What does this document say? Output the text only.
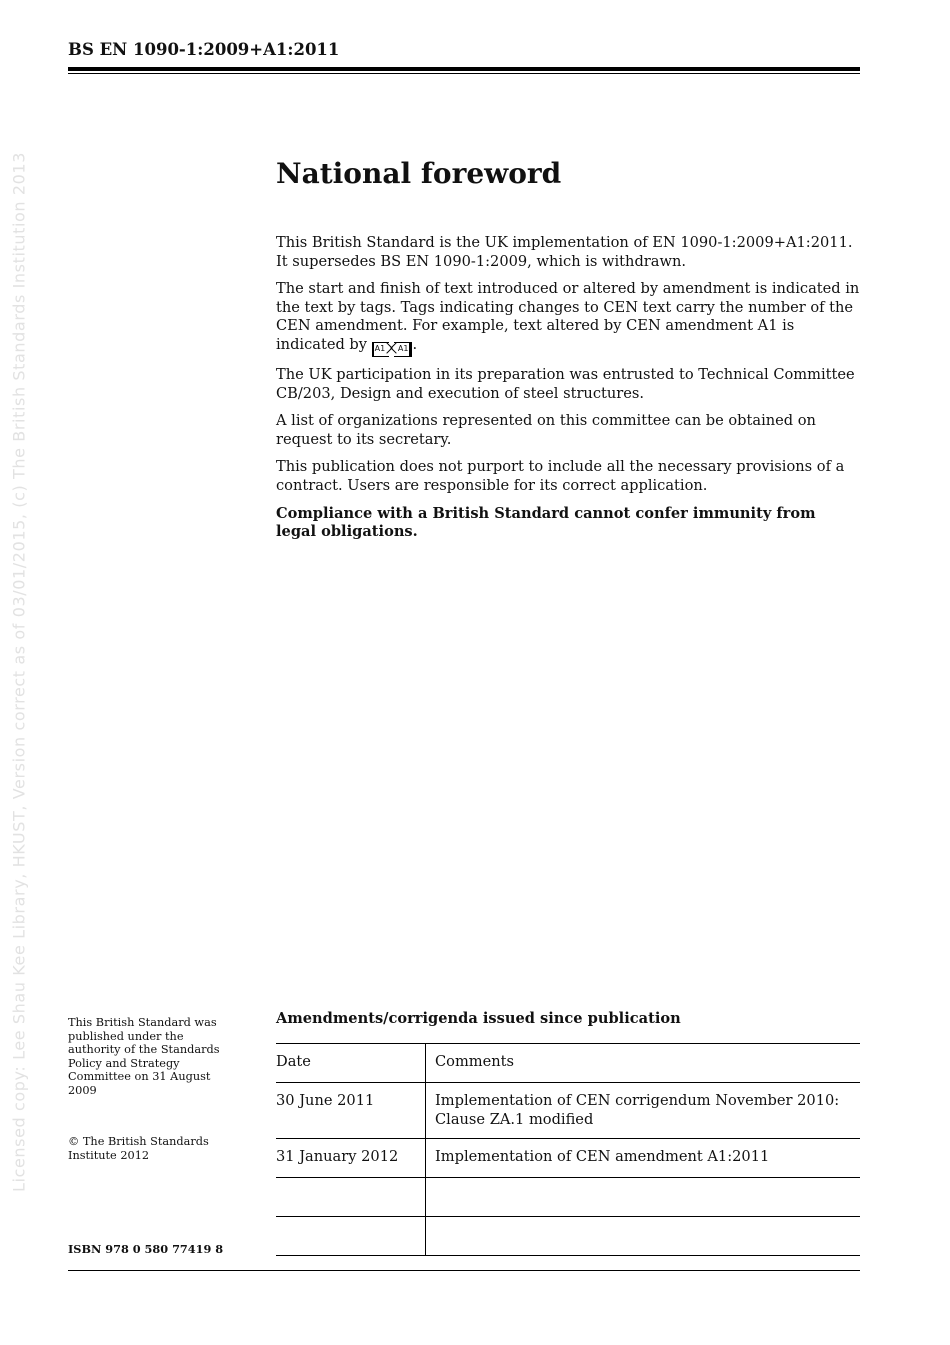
BS EN 1090-1:2009+A1:2011
Licensed copy: Lee Shau Kee Library, HKUST, Version correct as of 03/01/2015, (c) The British Standards Institution 2013	National foreword

This British Standard is the UK implementation of EN 1090-1:2009+A1:2011. It supersedes BS EN 1090-1:2009, which is withdrawn.

The start and finish of text introduced or altered by amendment is indicated in the text by tags. Tags indicating changes to CEN text carry the number of the CEN amendment. For example, text altered by CEN amendment A1 is indicated by A1 A1 .

The UK participation in its preparation was entrusted to Technical Committee CB/203, Design and execution of steel structures.

A list of organizations represented on this committee can be obtained on request to its secretary.

This publication does not purport to include all the necessary provisions of a contract. Users are responsible for its correct application.

Compliance with a British Standard cannot confer immunity from legal obligations.

This British Standard was published under the authority of the Standards Policy and Strategy Committee on 31 August 2009
© The British Standards Institute 2012
ISBN 978 0 580 77419 8
Amendments/corrigenda issued since publication
Date	Comments
30 June 2011	Implementation of CEN corrigendum November 2010: Clause ZA.1 modified
31 January 2012	Implementation of CEN amendment A1:2011
